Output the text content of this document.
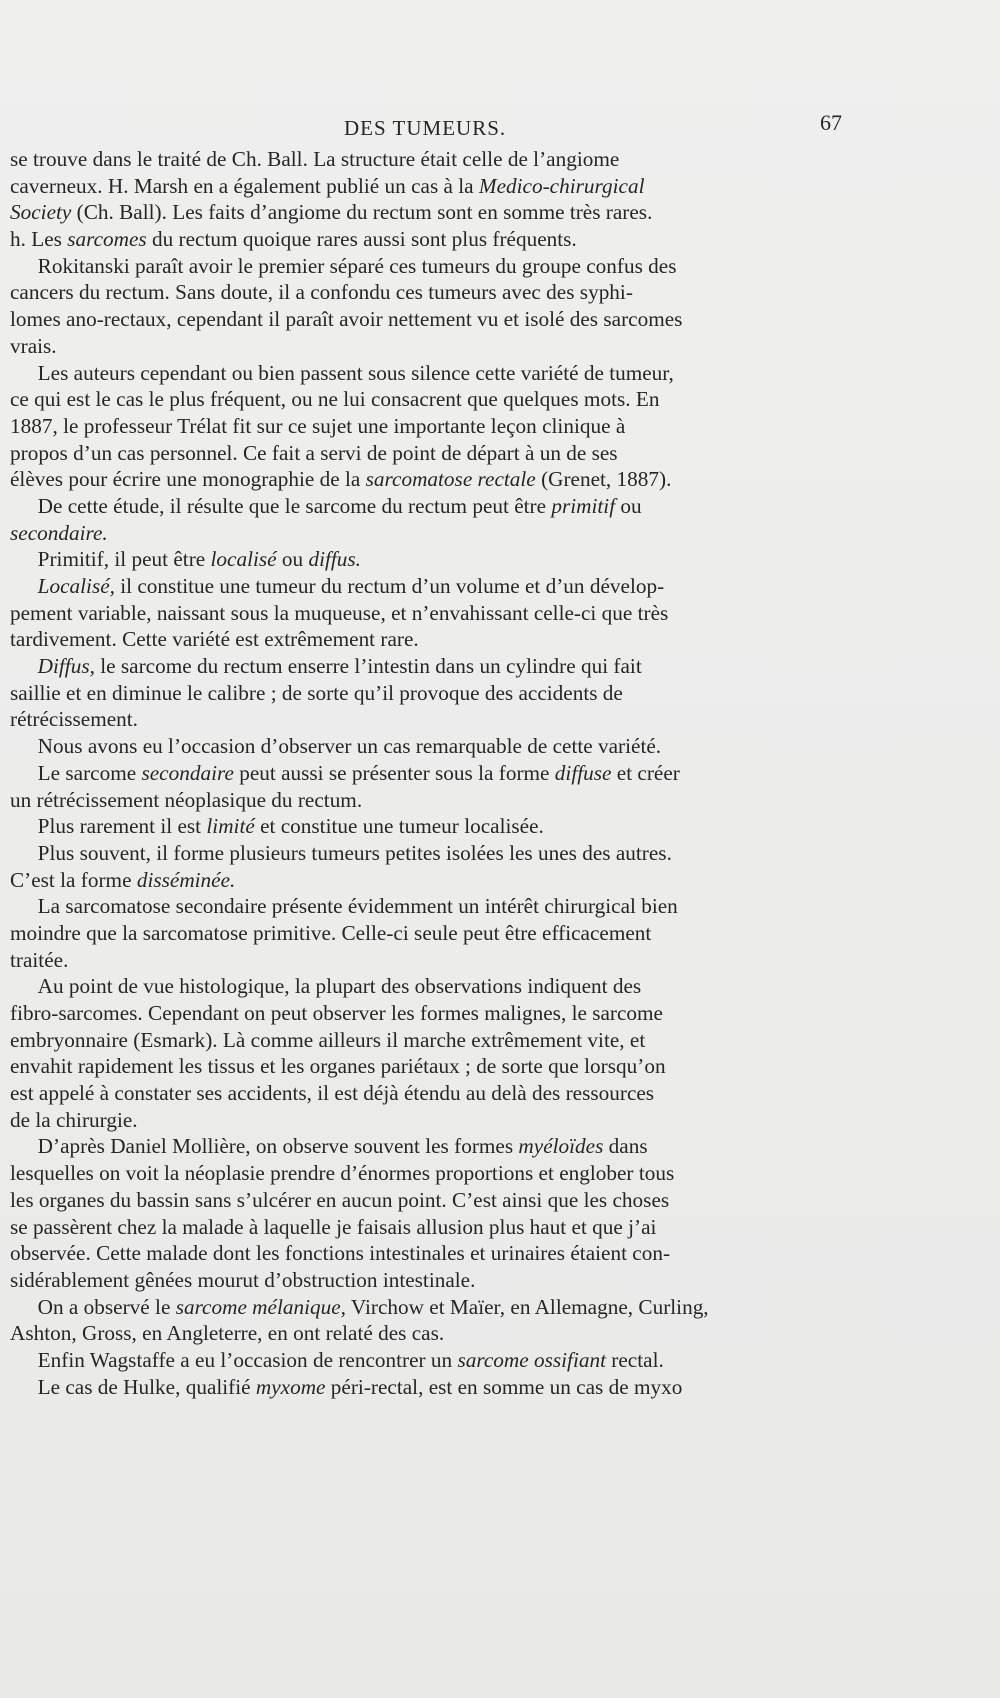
DES TUMEURS.	67
se trouve dans le traité de Ch. Ball. La structure était celle de l’angiome
caverneux. H. Marsh en a également publié un cas à la Medico-chirurgical
Society (Ch. Ball). Les faits d’angiome du rectum sont en somme très rares.
h. Les sarcomes du rectum quoique rares aussi sont plus fréquents.
Rokitanski paraît avoir le premier séparé ces tumeurs du groupe confus des
cancers du rectum. Sans doute, il a confondu ces tumeurs avec des syphi-
lomes ano-rectaux, cependant il paraît avoir nettement vu et isolé des sarcomes
vrais.
Les auteurs cependant ou bien passent sous silence cette variété de tumeur,
ce qui est le cas le plus fréquent, ou ne lui consacrent que quelques mots. En
1887, le professeur Trélat fit sur ce sujet une importante leçon clinique à
propos d’un cas personnel. Ce fait a servi de point de départ à un de ses
élèves pour écrire une monographie de la sarcomatose rectale (Grenet, 1887).
De cette étude, il résulte que le sarcome du rectum peut être primitif ou
secondaire.
Primitif, il peut être localisé ou diffus.
Localisé, il constitue une tumeur du rectum d’un volume et d’un dévelop-
pement variable, naissant sous la muqueuse, et n’envahissant celle-ci que très
tardivement. Cette variété est extrêmement rare.
Diffus, le sarcome du rectum enserre l’intestin dans un cylindre qui fait
saillie et en diminue le calibre ; de sorte qu’il provoque des accidents de
rétrécissement.
Nous avons eu l’occasion d’observer un cas remarquable de cette variété.
Le sarcome secondaire peut aussi se présenter sous la forme diffuse et créer
un rétrécissement néoplasique du rectum.
Plus rarement il est limité et constitue une tumeur localisée.
Plus souvent, il forme plusieurs tumeurs petites isolées les unes des autres.
C’est la forme disséminée.
La sarcomatose secondaire présente évidemment un intérêt chirurgical bien
moindre que la sarcomatose primitive. Celle-ci seule peut être efficacement
traitée.
Au point de vue histologique, la plupart des observations indiquent des
fibro-sarcomes. Cependant on peut observer les formes malignes, le sarcome
embryonnaire (Esmark). Là comme ailleurs il marche extrêmement vite, et
envahit rapidement les tissus et les organes pariétaux ; de sorte que lorsqu’on
est appelé à constater ses accidents, il est déjà étendu au delà des ressources
de la chirurgie.
D’après Daniel Mollière, on observe souvent les formes myéloïdes dans
lesquelles on voit la néoplasie prendre d’énormes proportions et englober tous
les organes du bassin sans s’ulcérer en aucun point. C’est ainsi que les choses
se passèrent chez la malade à laquelle je faisais allusion plus haut et que j’ai
observée. Cette malade dont les fonctions intestinales et urinaires étaient con-
sidérablement gênées mourut d’obstruction intestinale.
On a observé le sarcome mélanique, Virchow et Maïer, en Allemagne, Curling,
Ashton, Gross, en Angleterre, en ont relaté des cas.
Enfin Wagstaffe a eu l’occasion de rencontrer un sarcome ossifiant rectal.
Le cas de Hulke, qualifié myxome péri-rectal, est en somme un cas de myxo
